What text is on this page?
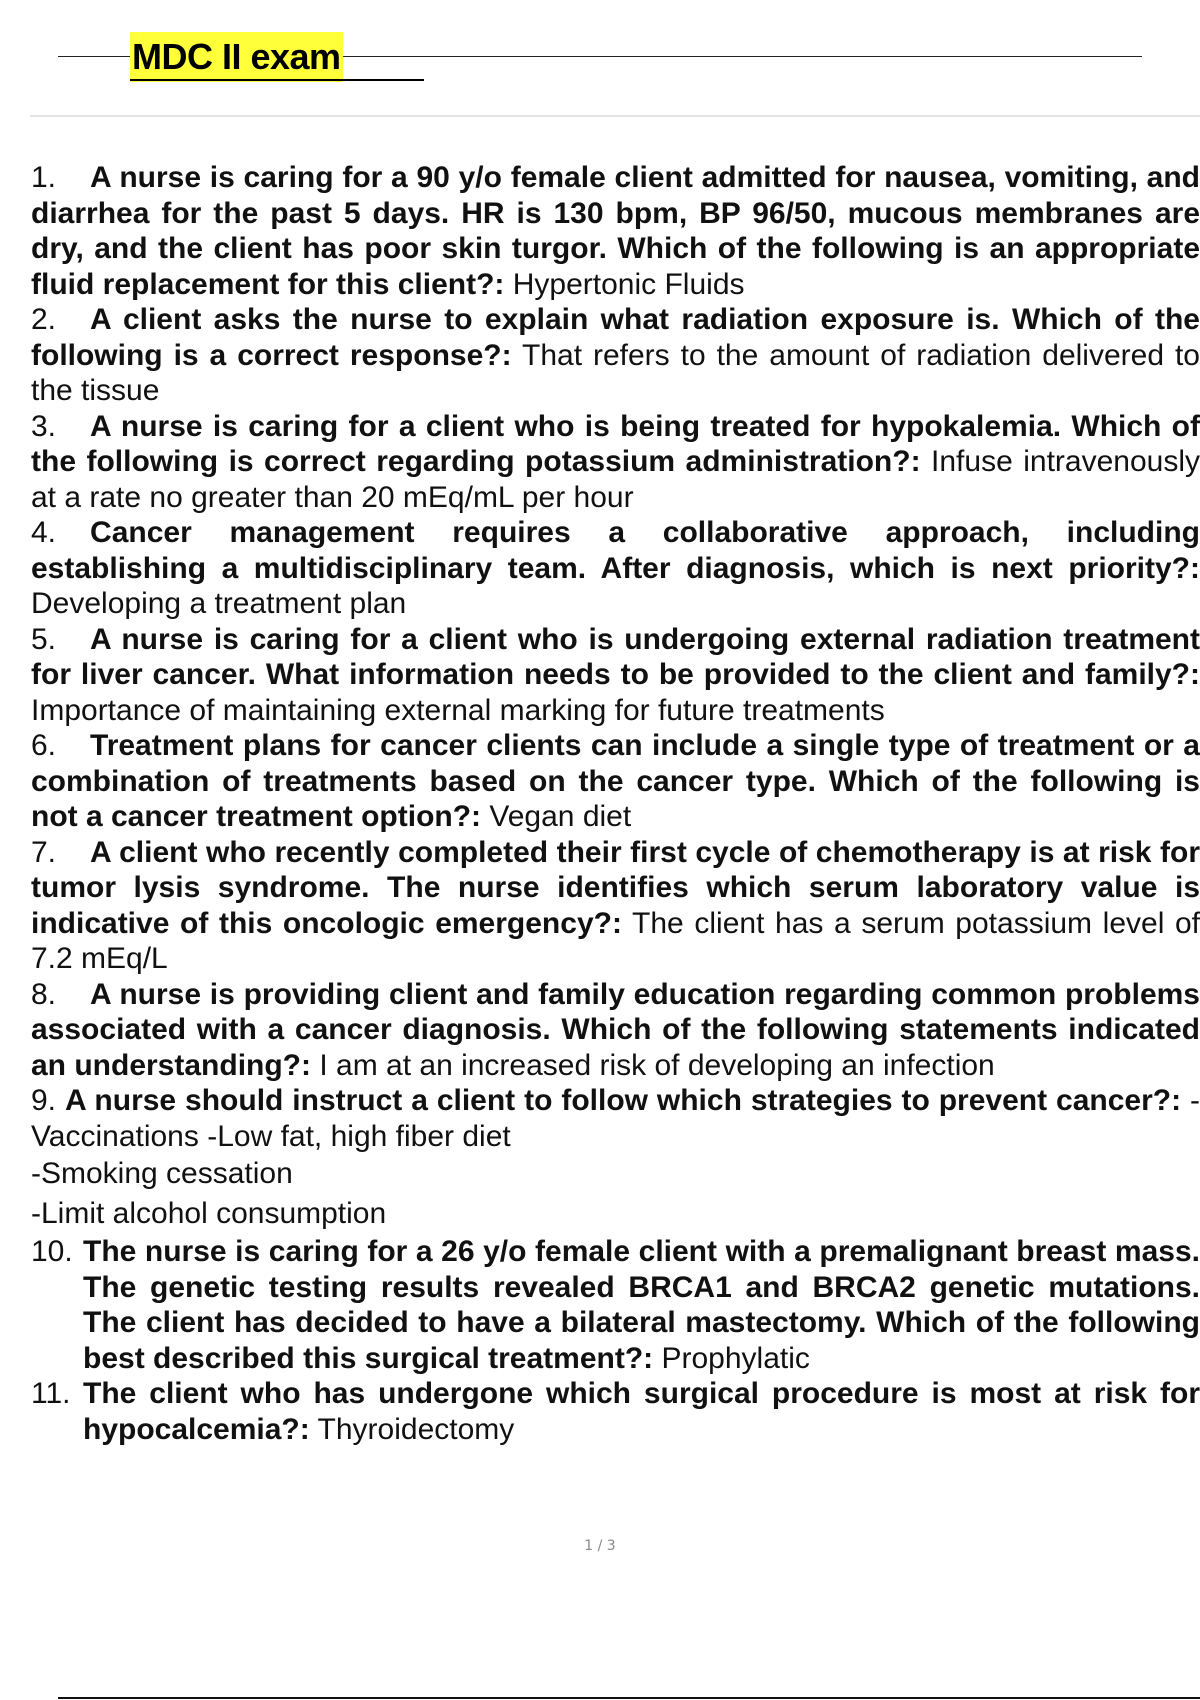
MDC II exam

1. A nurse is caring for a 90 y/o female client admitted for nausea, vomiting, and diarrhea for the past 5 days. HR is 130 bpm, BP 96/50, mucous membranes are dry, and the client has poor skin turgor. Which of the following is an appropriate fluid replacement for this client?: Hypertonic Fluids

2. A client asks the nurse to explain what radiation exposure is. Which of the following is a correct response?: That refers to the amount of radiation delivered to the tissue

3. A nurse is caring for a client who is being treated for hypokalemia. Which of the following is correct regarding potassium administration?: Infuse intravenously at a rate no greater than 20 mEq/mL per hour

4. Cancer management requires a collaborative approach, including establishing a multidisciplinary team. After diagnosis, which is next priority?: Developing a treatment plan

5. A nurse is caring for a client who is undergoing external radiation treatment for liver cancer. What information needs to be provided to the client and family?: Importance of maintaining external marking for future treatments

6. Treatment plans for cancer clients can include a single type of treatment or a combination of treatments based on the cancer type. Which of the following is not a cancer treatment option?: Vegan diet

7. A client who recently completed their first cycle of chemotherapy is at risk for tumor lysis syndrome. The nurse identifies which serum laboratory value is indicative of this oncologic emergency?: The client has a serum potassium level of 7.2 mEq/L

8. A nurse is providing client and family education regarding common problems associated with a cancer diagnosis. Which of the following statements indicated an understanding?: I am at an increased risk of developing an infection

9. A nurse should instruct a client to follow which strategies to prevent cancer?: -Vaccinations -Low fat, high fiber diet

-Smoking cessation

-Limit alcohol consumption

10. The nurse is caring for a 26 y/o female client with a premalignant breast mass. The genetic testing results revealed BRCA1 and BRCA2 genetic mutations. The client has decided to have a bilateral mastectomy. Which of the following best described this surgical treatment?: Prophylatic
11. The client who has undergone which surgical procedure is most at risk for hypocalcemia?: Thyroidectomy
1 / 3
